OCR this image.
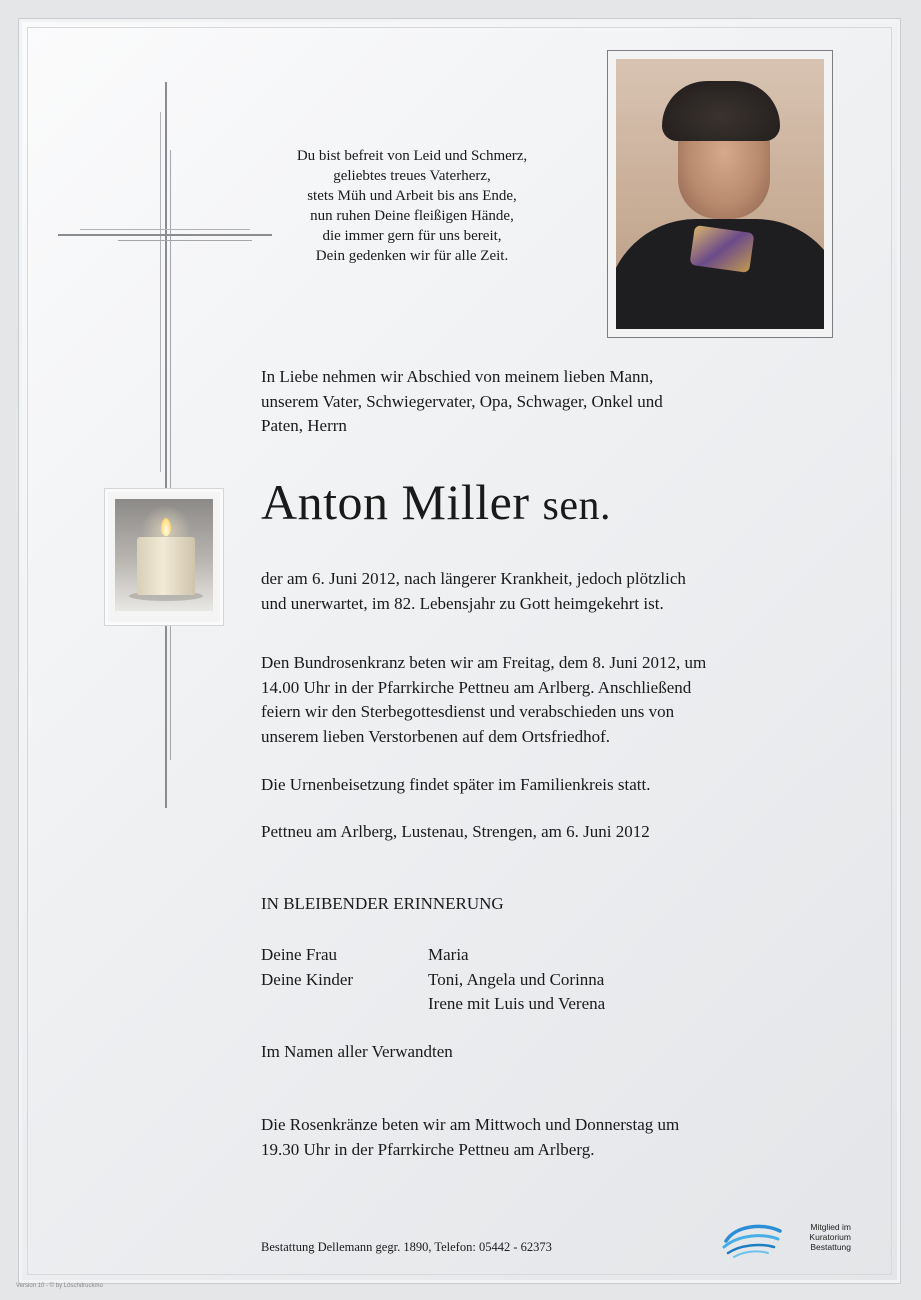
Du bist befreit von Leid und Schmerz,
geliebtes treues Vaterherz,
stets Müh und Arbeit bis ans Ende,
nun ruhen Deine fleißigen Hände,
die immer gern für uns bereit,
Dein gedenken wir für alle Zeit.
In Liebe nehmen wir Abschied von meinem lieben Mann,
unserem Vater, Schwiegervater, Opa, Schwager, Onkel und
Paten, Herrn
Anton Miller sen.
der am 6. Juni 2012, nach längerer Krankheit, jedoch plötzlich
und unerwartet, im 82. Lebensjahr zu Gott heimgekehrt ist.
Den Bundrosenkranz beten wir am Freitag, dem 8. Juni 2012, um
14.00 Uhr in der Pfarrkirche Pettneu am Arlberg. Anschließend
feiern wir den Sterbegottesdienst und verabschieden uns von
unserem lieben Verstorbenen auf dem Ortsfriedhof.
Die Urnenbeisetzung findet später im Familienkreis statt.
Pettneu am Arlberg, Lustenau, Strengen, am 6. Juni 2012
IN BLEIBENDER ERINNERUNG
Deine Frau	Maria
Deine Kinder	Toni, Angela und Corinna
Irene mit Luis und Verena
Im Namen aller Verwandten
Die Rosenkränze beten wir am Mittwoch und Donnerstag um
19.30 Uhr in der Pfarrkirche Pettneu am Arlberg.
Bestattung Dellemann gegr. 1890, Telefon: 05442 - 62373
Mitglied im
Kuratorium Bestattung
Version 10 - © by Löschdruckmo
